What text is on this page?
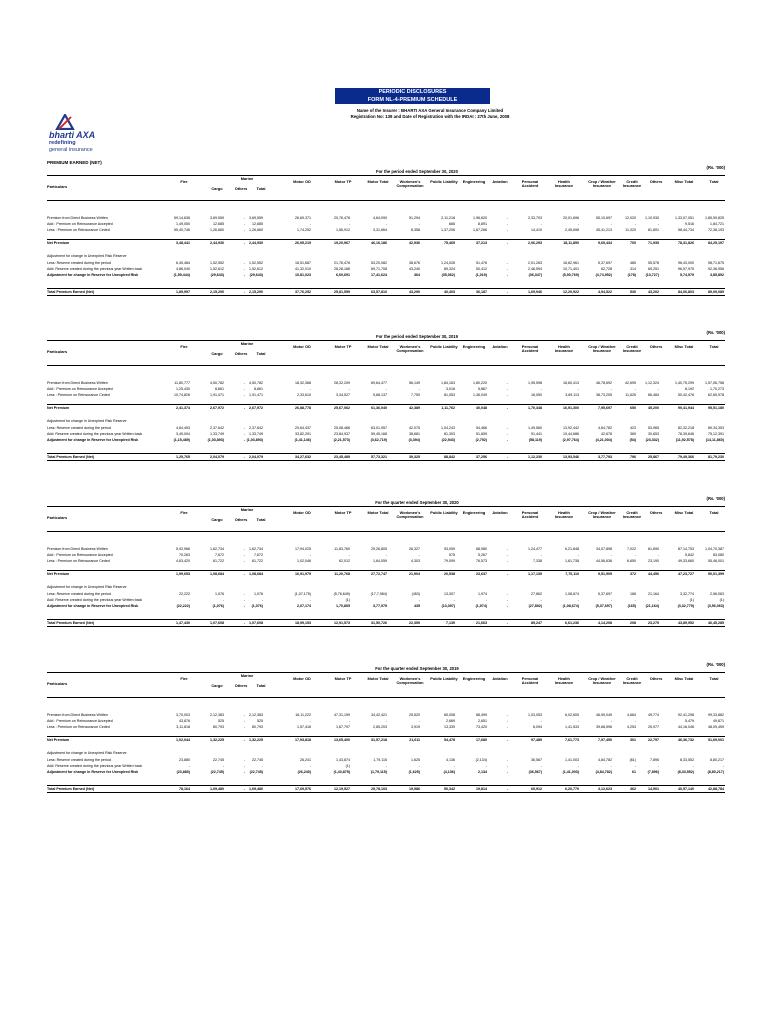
PERIODIC DISCLOSURES
FORM NL-4-PREMIUM SCHEDULE
Name of the Insurer : BHARTI AXA General Insurance Company Limited
Registration No: 139 and Date of Registration with the IRDAI : 27th June, 2008
bharti AXA
redefining
general insurance
PREMIUM EARNED (NET)
(Rs. '000)
For the period ended September 30, 2020
Particulars
Marine
Cargo	Others	Total
Fire	Motor OD	Motor TP	Motor Total	Workmen's Compensation
Public Liability	Engineering	Aviation	Personal Accident
Health Insurance
Crop / Weather Insurance
Credit Insurance
Others	Misc Total	Total
Premium from Direct Business Written	59,14,636	3,69,559	-	3,69,559	26,69,371	20,76,476	4,64,090	51,294	2,11,218	1,96,620	-	2,33,703	20,01,696	55,10,697	12,020	1,10,930	1,33,07,051	1,85,59,825
Add : Premium on Reinsurance Accepted	1,49,050	12,685	-	12,685	-	-	-	-	666	8,891	-	-	-	-	-	-	9,516	1,84,721
Less : Premium on Reinsurance Ceded	55,40,746	1,26,660	-	1,26,660	1,74,252	1,56,912	3,31,664	8,358	1,37,206	1,67,266	-	14,410	2,45,698	45,41,213	11,320	81,891	58,44,734	72,38,193
Net Premium	3,48,441	2,44,930	-	2,44,930	26,95,219	19,20,967	46,16,186	42,936	75,465	37,213	-	2,06,293	18,11,890	9,69,434	700	71,939	78,31,826	84,25,197
Adjustment for change in Unexpired Risk Reserve
Less: Reserve created during the period	6,45,484	1,52,552	-	1,52,552	16,51,687	21,76,476	53,20,082	38,676	1,24,026	51,476	-	2,01,283	16,62,961	5,37,697	485	55,578	96,43,000	98,71,675
Add: Reserve created during the previous year Written back	4,86,040	1,52,612	-	1,52,612	41,32,010	28,28,166	69,71,708	43,240	89,324	50,412	-	2,46,594	10,71,401	62,728	314	69,251	96,57,975	92,36,956
Adjustment for change in Reserve for Unexpired Risk	(1,59,444)	(29,643)	-	(29,643)	10,81,023	6,60,691	17,41,624	364	(35,062)	(1,019)	-	(36,347)	(5,90,769)	(4,74,952)	(178)	(13,727)	5,74,979	3,85,892
Total Premium Earned (Net)	1,89,997	2,15,290	-	2,15,290	37,76,252	25,81,559	63,57,810	43,290	40,403	36,187	-	1,69,946	12,20,922	4,94,522	530	43,202	84,06,803	89,09,089
(Rs. '000)
For the period ended September 30, 2019
Particulars
Marine
Cargo	Others	Total
Fire	Motor OD	Motor TP	Motor Total	Workmen's Compensation
Public Liability	Engineering	Aviation	Personal Accident
Health Insurance
Crop / Weather Insurance
Credit Insurance
Others	Misc Total	Total
Premium from Direct Business Written	11,80,777	4,50,782	-	4,50,782	18,32,368	28,32,209	69,64,477	56,149	1,84,163	1,80,220	-	1,95,598	16,60,413	46,78,692	42,695	1,12,324	1,40,75,299	1,57,06,758
Add : Premium on Reinsurance Accepted	1,25,430	8,661	-	8,661	-	-	-	-	3,016	5,867	-	-	-	-	-	-	8,192	1,70,273
Less : Premium on Reinsurance Ceded	10,74,826	1,91,471	-	1,91,471	2,33,610	3,34,527	5,68,137	7,759	81,053	1,36,049	-	16,050	3,69,113	38,73,205	11,626	66,484	50,42,476	62,65,978
Net Premium	2,41,374	2,67,972	-	2,67,972	26,88,778	25,67,062	61,36,040	42,389	1,11,762	40,048	-	1,70,348	16,91,300	7,95,697	650	45,200	90,41,944	95,51,180
Adjustment for change in Unexpired Risk Reserve
Less: Reserve created during the period	4,64,493	2,37,642	-	2,37,642	20,64,437	25,08,466	63,01,957	42,075	1,04,243	54,466	-	1,49,560	13,92,442	4,64,782	423	53,965	82,32,218	89,34,353
Add: Reserve created during the previous year Written back	3,49,004	1,33,749	-	1,33,749	33,82,291	23,84,937	59,45,168	38,681	81,303	51,659	-	91,441	10,44,686	42,678	369	30,653	78,39,646	75,12,391
Adjustment for change in Reserve for Unexpired Risk	(1,15,489)	(1,03,893)	- (1,03,893)	(1,41,146)	(2,21,573)	(3,62,719)	(3,394)	(22,943)	(2,792)	-	(58,119)	(2,97,764)	(4,21,004)	(54)	(23,332)	(11,92,578)	(14,11,860)
Total Premium Earned (Net)	1,25,765	2,04,079	-	2,04,079	34,27,632	23,45,489	57,73,321	39,325	88,842	37,256	-	1,12,230	13,93,546	3,77,793	796	25,867	79,49,366	81,79,230
(Rs. '000)
For the quarter ended September 30, 2020
Particulars
Marine
Cargo	Others	Total
Fire	Motor OD	Motor TP	Motor Total	Workmen's Compensation
Public Liability	Engineering	Aviation	Personal Accident
Health Insurance
Crop / Weather Insurance
Credit Insurance
Others	Misc Total	Total
Premium from Direct Business Written	5,92,966	1,62,734	-	1,62,734	17,94,025	11,83,760	29,26,805	26,327	93,059	68,980	-	1,24,477	6,21,848	34,07,898	7,022	81,690	87,14,753	1,04,70,387
Add : Premium on Reinsurance Accepted	70,263	7,672	-	7,672	-	-	-	-	575	5,267	-	-	-	-	-	-	5,842	83,080
Less : Premium on Reinsurance Ceded	4,63,420	61,722	-	61,722	1,02,046	62,012	1,64,059	4,303	79,099	76,573	-	7,338	1,61,738	44,56,636	6,650	23,190	49,33,660	55,46,001
Net Premium	1,99,653	1,08,684	-	1,08,684	16,91,979	11,20,768	27,72,747	21,904	20,538	23,637	-	1,17,139	7,70,110	9,51,905	372	44,456	47,23,727	50,01,399
Adjustment for change in Unexpired Risk Reserve
Less: Reserve created during the period	22,222	1,076	-	1,076	(1,07,175)	(5,76,649)	(17,7,984)	(453)	13,307	1,974	-	27,862	1,08,674	5,37,697	166	21,164	3,32,774	2,56,063
Add: Reserve created during the previous year Written back	-	-	-	-	-	(1)	-	-	-	-	-	-	-	-	-	-	(1)	(1)
Adjustment for change in Reserve for Unexpired Risk	(22,222)	(1,076)	-	(1,076)	2,07,174	1,70,805	3,77,979	435	(13,397)	(1,974)	-	(27,892)	(1,08,674)	(5,37,697)	(165)	(21,164)	(3,32,779)	(3,56,063)
Total Premium Earned (Net)	1,47,430	1,07,608	-	1,07,608	18,99,153	12,91,573	31,50,726	22,359	7,139	21,663	-	89,247	6,61,236	4,14,208	208	23,275	43,89,952	46,45,285
(Rs. '000)
For the quarter ended September 30, 2019
Particulars
Marine
Cargo	Others	Total
Fire	Motor OD	Motor TP	Motor Total	Workmen's Compensation
Public Liability	Engineering	Aviation	Personal Accident
Health Insurance
Crop / Weather Insurance
Credit Insurance
Others	Misc Total	Total
Premium from Direct Business Written	3,70,003	2,12,383	-	2,12,383	16,11,222	47,31,199	34,42,421	25,520	65,008	88,499	-	1,03,053	6,02,605	46,59,049	4,664	49,774	92,41,298	99,33,882
Add : Premium on Reinsurance Accepted	43,876	525	-	525	-	-	-	-	2,669	2,651	-	-	-	-	-	-	5,479	49,871
Less : Premium on Reinsurance Ceded	3,11,818	80,793	-	80,793	1,57,416	1,67,797	2,85,203	3,919	13,339	73,420	-	6,094	1,41,533	39,68,596	4,253	25,977	44,16,046	48,09,459
Net Premium	1,02,044	1,32,225	-	1,32,225	17,93,818	13,65,400	31,57,218	21,611	54,478	17,680	-	97,489	7,61,773	7,97,450	301	22,797	46,36,732	51,69,001
Adjustment for change in Unexpired Risk Reserve
Less: Reserve created during the period	23,880	22,745	-	22,745	26,241	1,43,874	1,79,115	1,625	4,136	(2,134)	-	36,567	1,41,003	4,84,782	(61)	7,896	8,33,552	8,80,217
Add: Reserve created during the previous year Written back	-	-	-	-	-	(1)	-	-	-	-	-	-	-	-	-	-	-	-
Adjustment for change in Reserve for Unexpired Risk	(23,880)	(22,745)	-	(22,745)	(26,240)	(1,43,875)	(1,79,115)	(1,625)	(4,136)	2,134	-	(36,567)	(1,41,003)	(4,84,782)	61	(7,896)	(8,33,552)	(8,80,217)
Total Premium Earned (Net)	78,164	1,09,480	-	1,09,480	17,69,576	12,19,527	29,78,103	19,986	50,342	19,814	-	60,912	6,20,770	3,12,623	362	14,901	40,57,140	42,88,784
